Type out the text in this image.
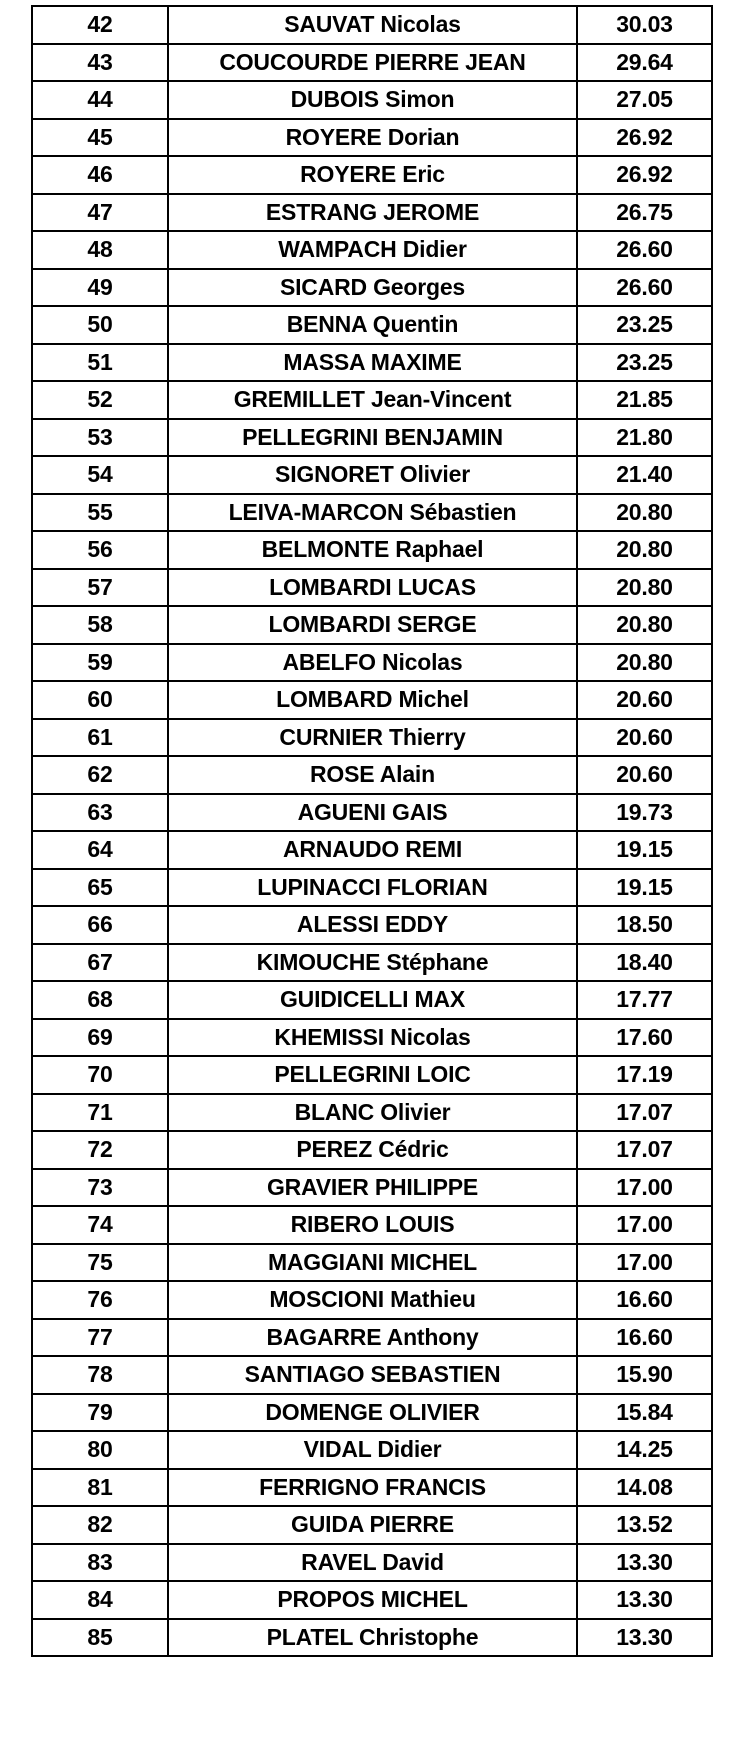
42	SAUVAT Nicolas	30.03
43	COUCOURDE PIERRE JEAN	29.64
44	DUBOIS Simon	27.05
45	ROYERE Dorian	26.92
46	ROYERE Eric	26.92
47	ESTRANG JEROME	26.75
48	WAMPACH Didier	26.60
49	SICARD Georges	26.60
50	BENNA Quentin	23.25
51	MASSA MAXIME	23.25
52	GREMILLET Jean-Vincent	21.85
53	PELLEGRINI BENJAMIN	21.80
54	SIGNORET Olivier	21.40
55	LEIVA-MARCON Sébastien	20.80
56	BELMONTE Raphael	20.80
57	LOMBARDI LUCAS	20.80
58	LOMBARDI SERGE	20.80
59	ABELFO Nicolas	20.80
60	LOMBARD Michel	20.60
61	CURNIER Thierry	20.60
62	ROSE Alain	20.60
63	AGUENI GAIS	19.73
64	ARNAUDO REMI	19.15
65	LUPINACCI FLORIAN	19.15
66	ALESSI EDDY	18.50
67	KIMOUCHE Stéphane	18.40
68	GUIDICELLI MAX	17.77
69	KHEMISSI Nicolas	17.60
70	PELLEGRINI LOIC	17.19
71	BLANC Olivier	17.07
72	PEREZ Cédric	17.07
73	GRAVIER PHILIPPE	17.00
74	RIBERO LOUIS	17.00
75	MAGGIANI MICHEL	17.00
76	MOSCIONI Mathieu	16.60
77	BAGARRE Anthony	16.60
78	SANTIAGO SEBASTIEN	15.90
79	DOMENGE OLIVIER	15.84
80	VIDAL Didier	14.25
81	FERRIGNO FRANCIS	14.08
82	GUIDA PIERRE	13.52
83	RAVEL David	13.30
84	PROPOS MICHEL	13.30
85	PLATEL Christophe	13.30
